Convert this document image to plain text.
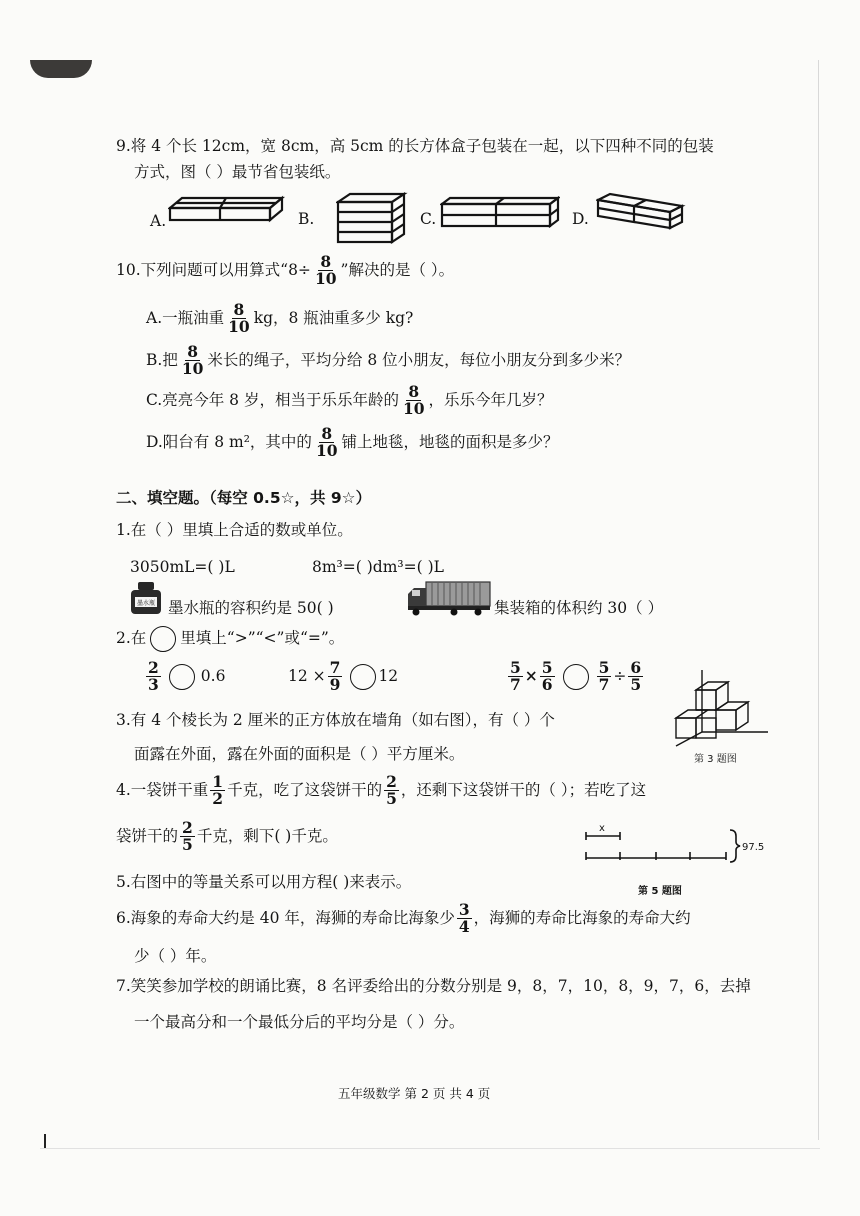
9.将 4 个长 12cm，宽 8cm，高 5cm 的长方体盒子包装在一起，以下四种不同的包装
方式，图（ ）最节省包装纸。
A.	B.	C.	D.
10.下列问题可以用算式“$8\div \frac{8}{10}$ ”解决的是（ ）。
A.一瓶油重 $\frac{8}{10}$ kg，8 瓶油重多少 kg?
B.把 $\frac{8}{10}$ 米长的绳子，平均分给 8 位小朋友，每位小朋友分到多少米？
C.亮亮今年 8 岁，相当于乐乐年龄的 $\frac{8}{10}$ ，乐乐今年几岁？
D.阳台有 8 m²，其中的 $\frac{8}{10}$ 铺上地毯，地毯的面积是多少？
二、填空题。（每空 0.5☆，共 9☆）
1.在（ ）里填上合适的数或单位。
3050mL=( )L	8m³=( )dm³=( )L
墨水瓶 墨水瓶的容积约是 50( )	集装箱的体积约 30（ ）
2.在 里填上“>”“<”或“=”。
$\frac{2}{3}$	0.6	$12 \times \frac{7}{9} 12$	$\frac{5}{7} \times \frac{5}{6}$	$\frac{5}{7} \div \frac{6}{5}$
第 3 题图
3.有 4 个棱长为 2 厘米的正方体放在墙角（如右图），有（ ）个
面露在外面，露在外面的面积是（ ）平方厘米。
4.一袋饼干重 $\frac{1}{2}$ 千克，吃了这袋饼干的 $\frac{2}{5}$ ，还剩下这袋饼干的（ ）；若吃了这
袋饼干的 $\frac{2}{5}$ 千克，剩下( )千克。	x
97.5
第 5 题图
5.右图中的等量关系可以用方程( )来表示。
6.海象的寿命大约是 40 年，海狮的寿命比海象少 $\frac{3}{4}$ ，海狮的寿命比海象的寿命大约
少（ ）年。
7.笑笑参加学校的朗诵比赛，8 名评委给出的分数分别是 9，8，7，10，8，9，7，6，去掉
一个最高分和一个最低分后的平均分是（ ）分。
五年级数学 第 2 页 共 4 页
